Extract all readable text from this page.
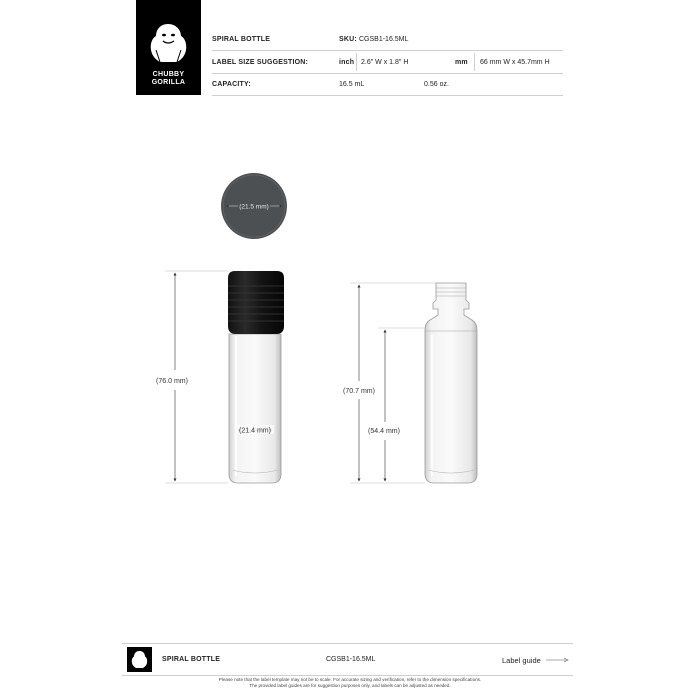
CHUBBY
GORILLA
SPIRAL BOTTLE	SKU: CGSB1-16.5ML
LABEL SIZE SUGGESTION:	inch 2.6" W x 1.8" H	mm 66 mm W x 45.7mm H
CAPACITY:	16.5 mL	0.56 oz.
(21.5 mm)
(21.4 mm)
(76.0 mm)
(70.7 mm)
(54.4 mm)
SPIRAL BOTTLE	CGSB1-16.5ML	Label guide
Please note that the label template may not be to scale. For accurate sizing and verification, refer to the dimension specifications.
The provided label guides are for suggestion purposes only, and labels can be adjusted as needed.
